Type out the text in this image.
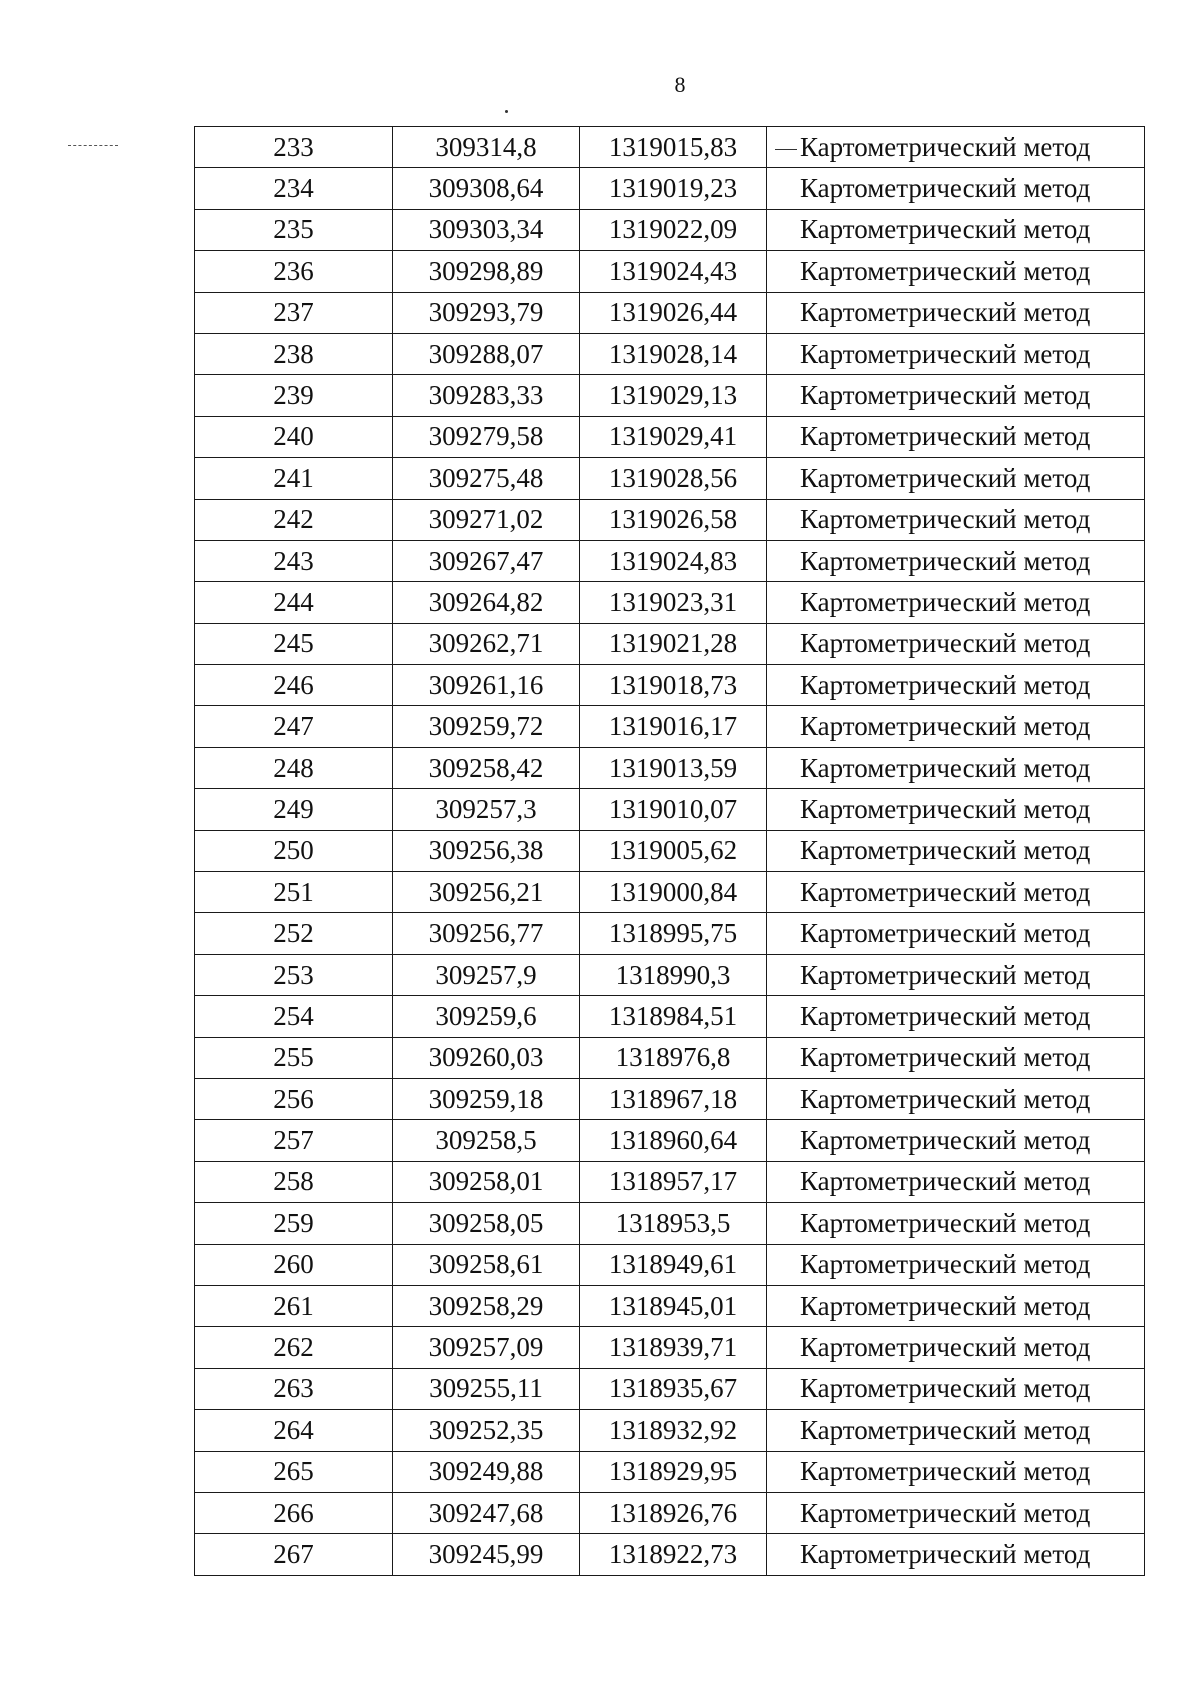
8
233	309314,8	1319015,83	Картометрический метод
234	309308,64	1319019,23	Картометрический метод
235	309303,34	1319022,09	Картометрический метод
236	309298,89	1319024,43	Картометрический метод
237	309293,79	1319026,44	Картометрический метод
238	309288,07	1319028,14	Картометрический метод
239	309283,33	1319029,13	Картометрический метод
240	309279,58	1319029,41	Картометрический метод
241	309275,48	1319028,56	Картометрический метод
242	309271,02	1319026,58	Картометрический метод
243	309267,47	1319024,83	Картометрический метод
244	309264,82	1319023,31	Картометрический метод
245	309262,71	1319021,28	Картометрический метод
246	309261,16	1319018,73	Картометрический метод
247	309259,72	1319016,17	Картометрический метод
248	309258,42	1319013,59	Картометрический метод
249	309257,3	1319010,07	Картометрический метод
250	309256,38	1319005,62	Картометрический метод
251	309256,21	1319000,84	Картометрический метод
252	309256,77	1318995,75	Картометрический метод
253	309257,9	1318990,3	Картометрический метод
254	309259,6	1318984,51	Картометрический метод
255	309260,03	1318976,8	Картометрический метод
256	309259,18	1318967,18	Картометрический метод
257	309258,5	1318960,64	Картометрический метод
258	309258,01	1318957,17	Картометрический метод
259	309258,05	1318953,5	Картометрический метод
260	309258,61	1318949,61	Картометрический метод
261	309258,29	1318945,01	Картометрический метод
262	309257,09	1318939,71	Картометрический метод
263	309255,11	1318935,67	Картометрический метод
264	309252,35	1318932,92	Картометрический метод
265	309249,88	1318929,95	Картометрический метод
266	309247,68	1318926,76	Картометрический метод
267	309245,99	1318922,73	Картометрический метод
